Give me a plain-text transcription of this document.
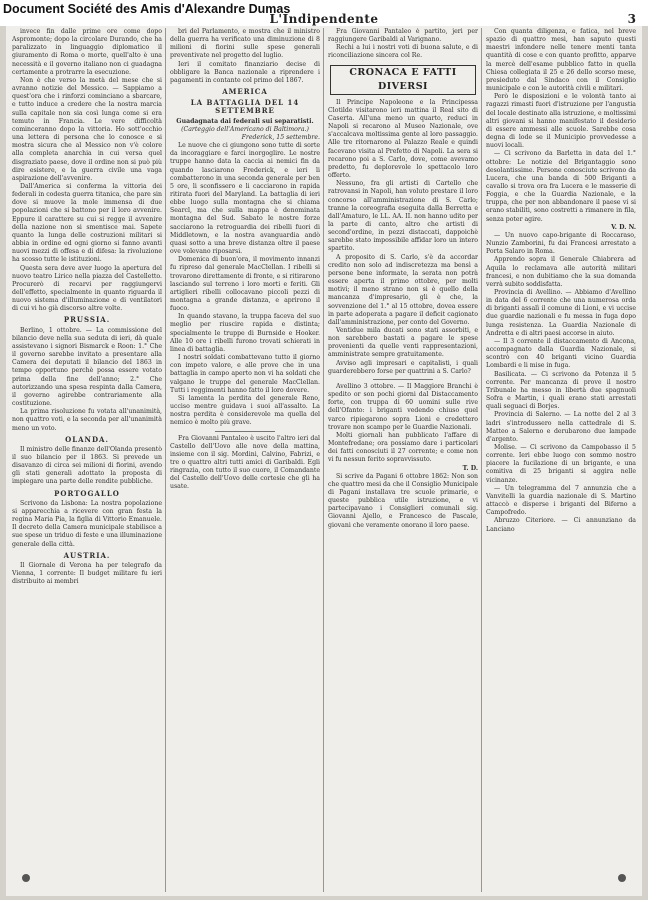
Document Société des Amis d'Alexandre Dumas
L'Indipendente	3

invece fin dalle prime ore come dopo Aspromonte; dopo la circolare Durando, che ha paralizzato in linguaggio diplomatico il giuramento di Roma o morte, quell'alto è una necessità e il governo italiano non ci guadagna certamente a protrarre la esecuzione.

Non è che verso la metà del mese che si avranno notizie del Messico. — Sappiamo a quest'ora che i rinforzi cominciano a sbarcare, e tutto induce a credere che la nostra marcia sulla capitale non sia così lunga come si era temuto in Francia. Le vere difficoltà cominceranno dopo la vittoria. Ho sott'occhio una lettera di persona che lo conosce e si mostra sicura che al Messico non v'è colore alla completa anarchia in cui versa quel disgraziato paese, dove il ordine non si può più dire esistere, e la guerra civile una vaga aspirazione dell'avvenire.

Dall'America si conferma la vittoria dei federali in codesta guerra titanica, che pare sin dove si muove la mole immensa di due popolazioni che si battono per il loro avvenire. Eppure il carattere su cui si regge il avvenire della nazione non si smentisce mai. Sapete quanto la lunga delle costruzioni militari si abbia in ordine ed ogni giorno si fanno avanti nuovi mezzi di offesa e di difesa: la rivoluzione ha scosso tutte le istituzioni.

Questa sera deve aver luogo la apertura del nuovo teatro Lirico nella piazza del Castelletto. Procurerò di recarvi per raggiungervi dell'effetto, specialmente in quanto riguarda il nuovo sistema d'illuminazione e di ventilatori di cui vi ho già discorso altre volte.

PRUSSIA.

Berlino, 1 ottobre. — La commissione del bilancio deve nella sua seduta di ieri, dà quale assistevano i signori Bismarck e Roon: 1.° Che il governo sarebbe invitato a presentare alla Camera dei deputati il bilancio del 1863 in tempo opportuno perchè possa essere votato prima della fine dell'anno; 2.° Che autorizzando una spesa respinta dalla Camera, il governo agirebbe contrariamente alla costituzione.

La prima risoluzione fu votata all'unanimità, non quattro voti, e la seconda per all'unanimità meno un voto.

OLANDA.

Il ministro delle finanze dell'Olanda presentò il suo bilancio per il 1863. Si prevede un disavanzo di circa sei milioni di fiorini, avendo gli stati generali adottato la proposta di impiegare una parte delle rendite pubbliche.

PORTOGALLO

Scrivono da Lisbona: La nostra popolazione si apparecchia a ricevere con gran festa la regina Maria Pia, la figlia di Vittorio Emanuele. Il decreto della Camera municipale stabilisce a sue spese un triduo di feste e una illuminazione generale della città.

AUSTRIA.

Il Giornale di Verona ha per telegrafo da Vienna, 1 corrente: Il budget militare fu ieri distribuito ai membri

bri del Parlamento, e mostra che il ministro della guerra ha verificato una diminuzione di 8 milioni di fiorini sulle spese generali preventivate nel progetto del luglio.

Ieri il comitato finanziario decise di obbligare la Banca nazionale a riprendere i pagamenti in contante col primo del 1867.

AMERICA

LA BATTAGLIA DEL 14 SETTEMBRE

Guadagnata dai federali sui separatisti.

(Carteggio dell'Americano di Baltimora.)

Frederick, 15 settembre.

Le nuove che ci giungono sono tutte di sorte da incoraggiare e farci inorgoglire. Le nostre truppe hanno data la caccia ai nemici fin da quando lasciarono Frederick, e ieri li combatterono in una seconda generale per ben 5 ore, li sconfissero e li cacciarono in rapida ritirata fuori del Maryland. La battaglia di ieri ebbe luogo sulla montagna che si chiama Searcl, ma che sulla mappa è denominata montagna del Sud. Sabato le nostre forze sacciarono la retroguardia dei ribelli fuori di Middletown, e la nostra avanguardia andò quasi sotto a una breve distanza oltre il paese ove volevano riposarsi.

Domenica di buon'ora, il movimento innanzi fu ripreso dal generale MacClellan. I ribelli si trovarono direttamente di fronte, e si ritirarono lasciando sul terreno i loro morti e feriti. Gli artiglieri ribelli collocavano piccoli pezzi di montagna a grande distanza, e aprirono il fuoco.

In quando stavano, la truppa faceva del suo meglio per riuscire rapida e distinta; specialmente le truppe di Burnside e Hooker. Alle 10 ore i ribelli furono trovati schierati in linea di battaglia.

I nostri soldati combattevano tutto il giorno con impeto valore, e alle prove che in una battaglia in campo aperto non vi ha soldati che valgano le truppe del generale MacClellan. Tutti i reggimenti hanno fatto il loro dovere.

Si lamenta la perdita del generale Reno, ucciso mentre guidava i suoi all'assalto. La nostra perdita è considerevole ma quella del nemico è molto più grave.

Fra Giovanni Pantaleo è uscito l'altro ieri dal Castello dell'Uovo alle nove della mattina, insieme con il sig. Mordini, Calvino, Fabrizi, e tre o quattro altri tutti amici di Garibaldi. Egli ringrazia, con tutto il suo cuore, il Comandante del Castello dell'Uovo delle cortesie che gli ha usate.

Fra Giovanni Pantaleo è partito, jeri per raggiungere Garibaldi al Varignano.

Rechi a lui i nostri voti di buona salute, e di riconciliazione sincera col Re.

CRONACA E FATTI DIVERSI

Il Principe Napoleone e la Principessa Clotilde visitarono ieri mattina il Real sito di Caserta. All'una meno un quarto, reduci in Napoli si recarono al Museo Nazionale, ove s'accalcava moltissima gente al loro passaggio. Alle tre ritornarono al Palazzo Reale e quindi facevano visita al Prefetto di Napoli. La sera si recarono poi a S. Carlo, dove, come avevamo predetto, fu deplorevole lo spettacolo loro offerto.

Nessuno, fra gli artisti di Cartello che ratrovansi in Napoli, han voluto prestare il loro concorso all'amministrazione di S. Carlo; tranne la coreografia eseguita dalla Berretta e dall'Amaturo, le LL. AA. II. non hanno udito per la parte di canto, altro che artisti di second'ordine, in pezzi distaccati, dappoichè sarebbe stato impossibile affidar loro un intero spartito.

A proposito di S. Carlo, s'è da accordar credito non solo ad indiscretezza ma bensì a persone bene informate, la serata non potrà essere aperta il primo ottobre, per molti motivi; il meno strano non si è quello della mancanza d'impresario, gli è che, la sovvenzione del 1.° al 15 ottobre, dovea essere in parte adoperata a pagare il deficit cagionato dall'amministrazione, per conto del Governo.

Ventidue mila ducati sono stati assorbiti, e non sarebbero bastati a pagare le spese provenienti da quelle venti rappresentazioni, amministrate sempre gratuitamente.

Avviso agli impresari e capitalisti, i quali guarderebbero forse per quattrini a S. Carlo?

Avellino 3 ottobre. — Il Maggiore Branchi è spedito or son pochi giorni dal Distaccamento forte, con truppa di 60 uomini sulle rive dell'Ofanto: i briganti vedendo chiuso quel varco ripiegarono sopra Lioni e credettero trovare non scampo per le Guardie Nazionali.

Molti giornali han pubblicato l'affare di Montefredane; ora possiamo dare i particolari dei fatti conosciuti il 27 corrente; e come non vi fu nessun ferito sopravvissuto.

T. D.

Si scrive da Pagani 6 ottobre 1862: Non son che quattro mesi da che il Consiglio Municipale di Pagani installava tre scuole primarie, e queste pubblica utile istruzione, e vi partecipavano i Consiglieri comunali sig. Giovanni Ajello, e Francesco de Pascale, giovani che veramente onorano il loro paese.

Con quanta diligenza, e fatica, nel breve spazio di quattro mesi, han saputo questi maestri infondere nelle tenere menti tanta quantità di cose e con quanto profitto, apparve la mercè dell'esame pubblico fatto in quella Chiesa collegiata il 25 e 26 dello scorso mese, presieduto dal Sindaco con il Consiglio municipale e con le autorità civili e militari.

Però le disposizioni e le volontà tanto ai ragazzi rimasti fuori d'istruzione per l'angustia del locale destinato alla istruzione, e moltissimi altri giovani si hanno manifestato il desiderio di essere ammessi alle scuole. Sarebbe cosa degna di lode se il Municipio provvedesse a nuovi locali.

— Ci scrivono da Barletta in data del 1.° ottobre: Le notizie del Brigantaggio sono desolantissime. Persone conosciute scrivono da Lucera, che una banda di 500 Briganti a cavallo si trova ora fra Lucera e le masserie di Foggia, e che la Guardia Nazionale, e la truppa, che per non abbandonare il paese vi si erano stabiliti, sono costretti a rimanere in fila, senza poter agire.

V. D. N.

— Un nuovo capo-brigante di Roccaraso, Nunzio Zamborini, fu dai Francesi arrestato a Porta Salaro in Roma.

Apprendo sopra il Generale Chiabrera ad Aquila lo reclamava alle autorità militari francesi, e non dubitiamo che la sua domanda verrà subito soddisfatta.

Provincia di Avellino. — Abbiamo d'Avellino in data del 6 corrente che una numerosa orda di briganti assalì il comune di Lioni, e vi uccise due guardie nazionali e fu messa in fuga dopo lunga resistenza. La Guardia Nazionale di Andretta e di altri paesi accorse in aiuto.

— Il 3 corrente il distaccamento di Ancona, accompagnato dalla Guardia Nazionale, si scontrò con 40 briganti vicino Guardia Lombardi e li mise in fuga.

Basilicata. — Ci scrivono da Potenza il 5 corrente. Per mancanza di prove il nostro Tribunale ha messo in libertà due spagnuoli Sofra e Martin, i quali erano stati arrestati quali seguaci di Borjes.

Provincia di Salerno. — La notte del 2 al 3 ladri s'introdussero nella cattedrale di S. Matteo a Salerno e derubarono due lampade d'argento.

Molise. — Ci scrivono da Campobasso il 5 corrente. Ieri ebbe luogo con sommo nostro piacere la fucilazione di un brigante, e una comitiva di 25 briganti si aggira nelle vicinanze.

— Un telegramma del 7 annunzia che a Vanvitelli la guardia nazionale di S. Martino attaccò e disperse i briganti del Biferno a Campofredo.

Abruzzo Citeriore. — Ci annunziano da Lanciano
